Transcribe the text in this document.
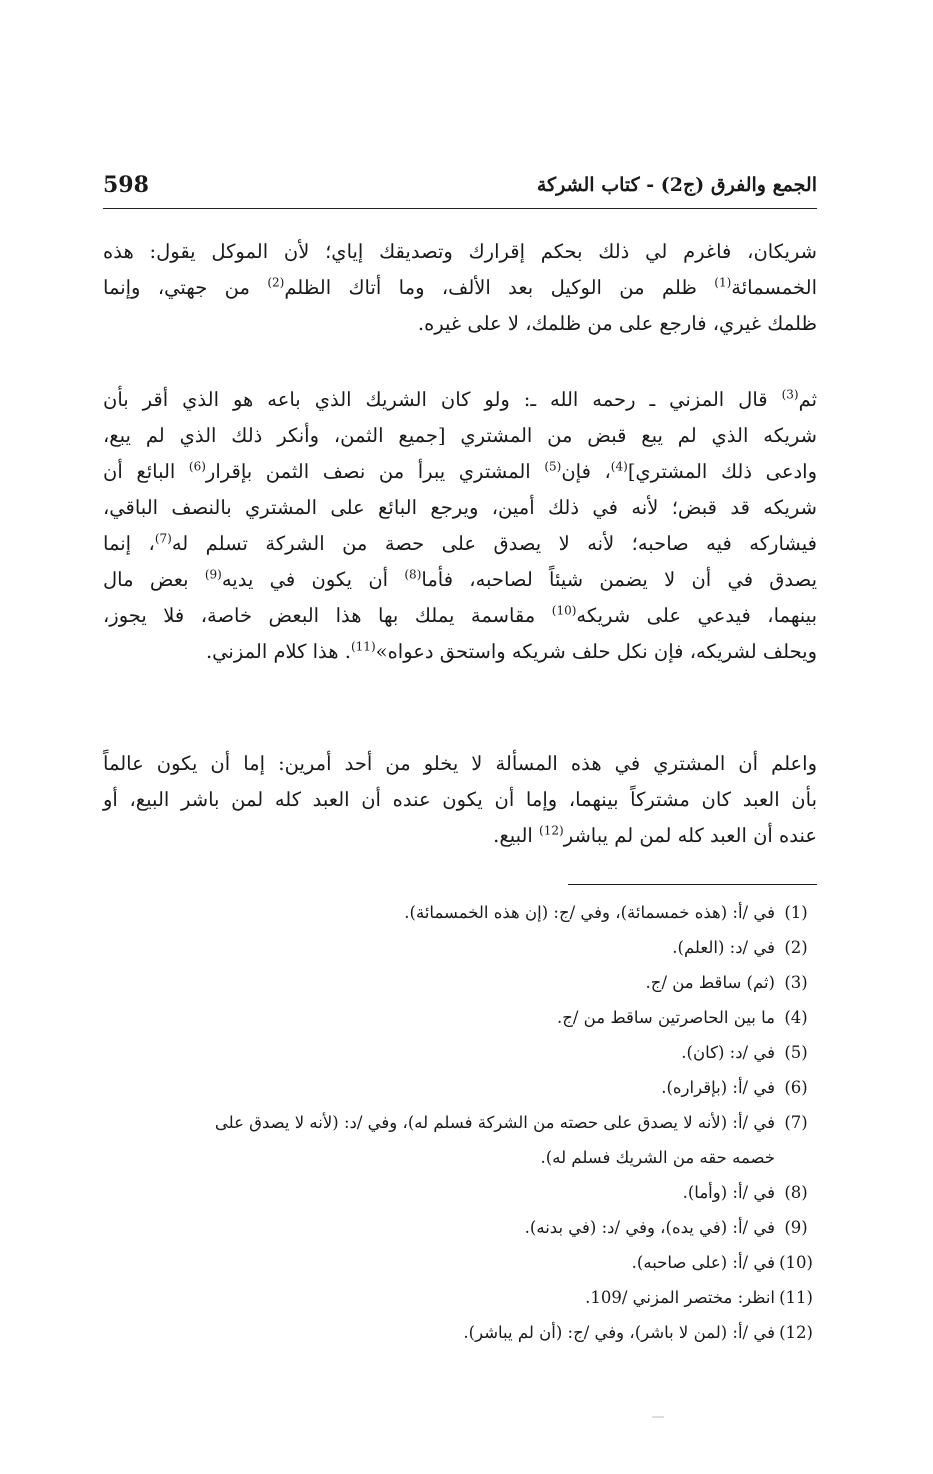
598	الجمع والفرق (ج2) - كتاب الشركة
شريكان، فاغرم لي ذلك بحكم إقرارك وتصديقك إياي؛ لأن الموكل يقول: هذه
الخمسمائة$^{(1)}$ ظلم من الوكيل بعد الألف، وما أتاك الظلم$^{(2)}$ من جهتي، وإنما
ظلمك غيري، فارجع على من ظلمك، لا على غيره.
ثم$^{(3)}$ قال المزني ـ رحمه الله ـ: ولو كان الشريك الذي باعه هو الذي أقر بأن
شريكه الذي لم يبع قبض من المشتري [جميع الثمن، وأنكر ذلك الذي لم يبع،
وادعى ذلك المشتري]$^{(4)}$، فإن$^{(5)}$ المشتري يبرأ من نصف الثمن بإقرار$^{(6)}$ البائع أن
شريكه قد قبض؛ لأنه في ذلك أمين، ويرجع البائع على المشتري بالنصف الباقي،
فيشاركه فيه صاحبه؛ لأنه لا يصدق على حصة من الشركة تسلم له$^{(7)}$، إنما
يصدق في أن لا يضمن شيئاً لصاحبه، فأما$^{(8)}$ أن يكون في يديه$^{(9)}$ بعض مال
بينهما، فيدعي على شريكه$^{(10)}$ مقاسمة يملك بها هذا البعض خاصة، فلا يجوز،
ويحلف لشريكه، فإن نكل حلف شريكه واستحق دعواه»$^{(11)}$. هذا كلام المزني.
واعلم أن المشتري في هذه المسألة لا يخلو من أحد أمرين: إما أن يكون عالماً
بأن العبد كان مشتركاً بينهما، وإما أن يكون عنده أن العبد كله لمن باشر البيع، أو
عنده أن العبد كله لمن لم يباشر$^{(12)}$ البيع.
(1)في /أ: (هذه خمسمائة)، وفي /ج: (إن هذه الخمسمائة).
(2)في /د: (العلم).
(3)(ثم) ساقط من /ج.
(4)ما بين الحاصرتين ساقط من /ج.
(5)في /د: (كان).
(6)في /أ: (بإقراره).
(7)في /أ: (لأنه لا يصدق على حصته من الشركة فسلم له)، وفي /د: (لأنه لا يصدق على
خصمه حقه من الشريك فسلم له).
(8)في /أ: (وأما).
(9)في /أ: (في يده)، وفي /د: (في بدنه).
(10)في /أ: (على صاحبه).
(11)انظر: مختصر المزني /109.
(12)في /أ: (لمن لا باشر)، وفي /ج: (أن لم يباشر).
